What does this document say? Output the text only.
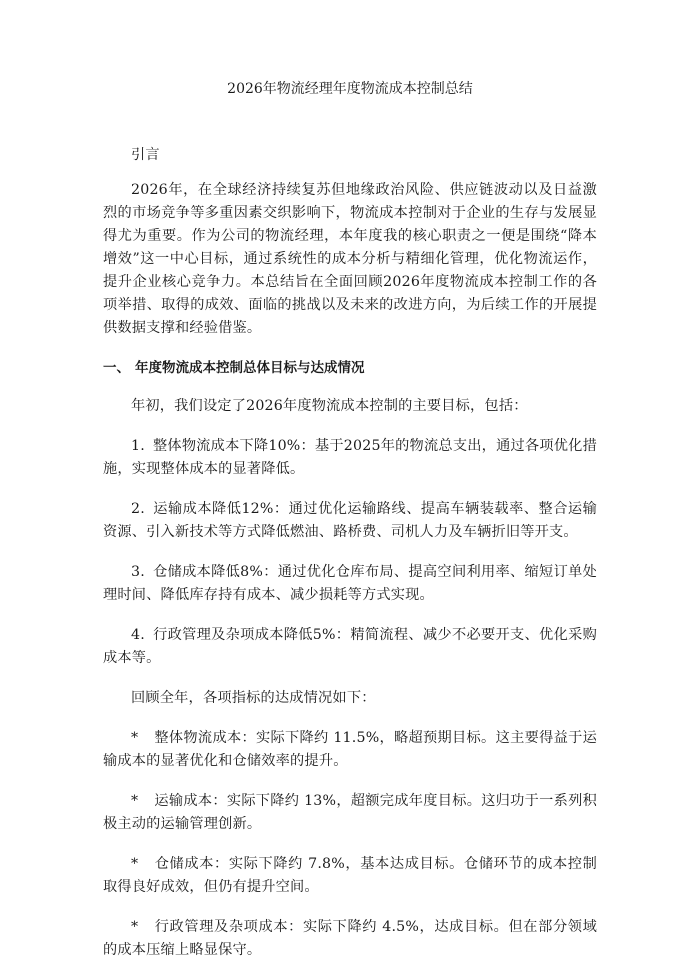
2026年物流经理年度物流成本控制总结

引言

2026年，在全球经济持续复苏但地缘政治风险、供应链波动以及日益激烈的市场竞争等多重因素交织影响下，物流成本控制对于企业的生存与发展显得尤为重要。作为公司的物流经理，本年度我的核心职责之一便是围绕“降本增效”这一中心目标，通过系统性的成本分析与精细化管理，优化物流运作，提升企业核心竞争力。本总结旨在全面回顾2026年度物流成本控制工作的各项举措、取得的成效、面临的挑战以及未来的改进方向，为后续工作的开展提供数据支撑和经验借鉴。

一、 年度物流成本控制总体目标与达成情况

年初，我们设定了2026年度物流成本控制的主要目标，包括：

1. 整体物流成本下降10%：基于2025年的物流总支出，通过各项优化措施，实现整体成本的显著降低。

2. 运输成本降低12%：通过优化运输路线、提高车辆装载率、整合运输资源、引入新技术等方式降低燃油、路桥费、司机人力及车辆折旧等开支。

3. 仓储成本降低8%：通过优化仓库布局、提高空间利用率、缩短订单处理时间、降低库存持有成本、减少损耗等方式实现。

4. 行政管理及杂项成本降低5%：精简流程、减少不必要开支、优化采购成本等。

回顾全年，各项指标的达成情况如下：

* 整体物流成本：实际下降约 11.5%，略超预期目标。这主要得益于运输成本的显著优化和仓储效率的提升。

* 运输成本：实际下降约 13%，超额完成年度目标。这归功于一系列积极主动的运输管理创新。

* 仓储成本：实际下降约 7.8%，基本达成目标。仓储环节的成本控制取得良好成效，但仍有提升空间。

* 行政管理及杂项成本：实际下降约 4.5%，达成目标。但在部分领域的成本压缩上略显保守。
